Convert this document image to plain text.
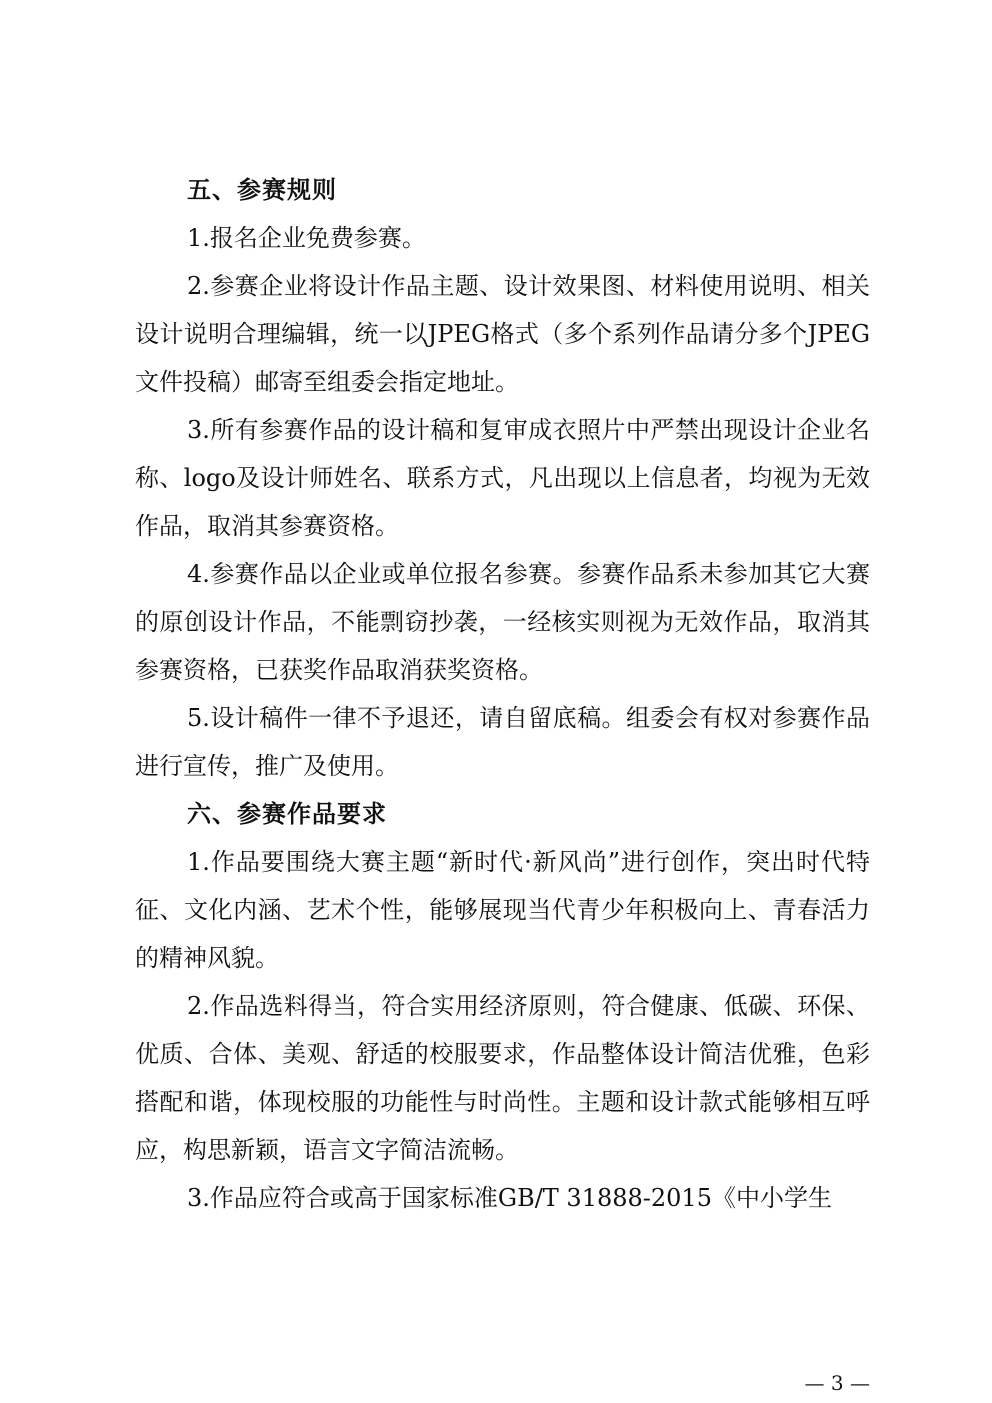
五、参赛规则

1.报名企业免费参赛。

2.参赛企业将设计作品主题、设计效果图、材料使用说明、相关设计说明合理编辑，统一以JPEG格式（多个系列作品请分多个JPEG文件投稿）邮寄至组委会指定地址。

3.所有参赛作品的设计稿和复审成衣照片中严禁出现设计企业名称、logo及设计师姓名、联系方式，凡出现以上信息者，均视为无效作品，取消其参赛资格。

4.参赛作品以企业或单位报名参赛。参赛作品系未参加其它大赛的原创设计作品，不能剽窃抄袭，一经核实则视为无效作品，取消其参赛资格，已获奖作品取消获奖资格。

5.设计稿件一律不予退还，请自留底稿。组委会有权对参赛作品进行宣传，推广及使用。

六、参赛作品要求

1.作品要围绕大赛主题“新时代·新风尚”进行创作，突出时代特征、文化内涵、艺术个性，能够展现当代青少年积极向上、青春活力的精神风貌。

2.作品选料得当，符合实用经济原则，符合健康、低碳、环保、优质、合体、美观、舒适的校服要求，作品整体设计简洁优雅，色彩搭配和谐，体现校服的功能性与时尚性。主题和设计款式能够相互呼应，构思新颖，语言文字简洁流畅。

3.作品应符合或高于国家标准GB/T 31888-2015《中小学生

— 3 —
